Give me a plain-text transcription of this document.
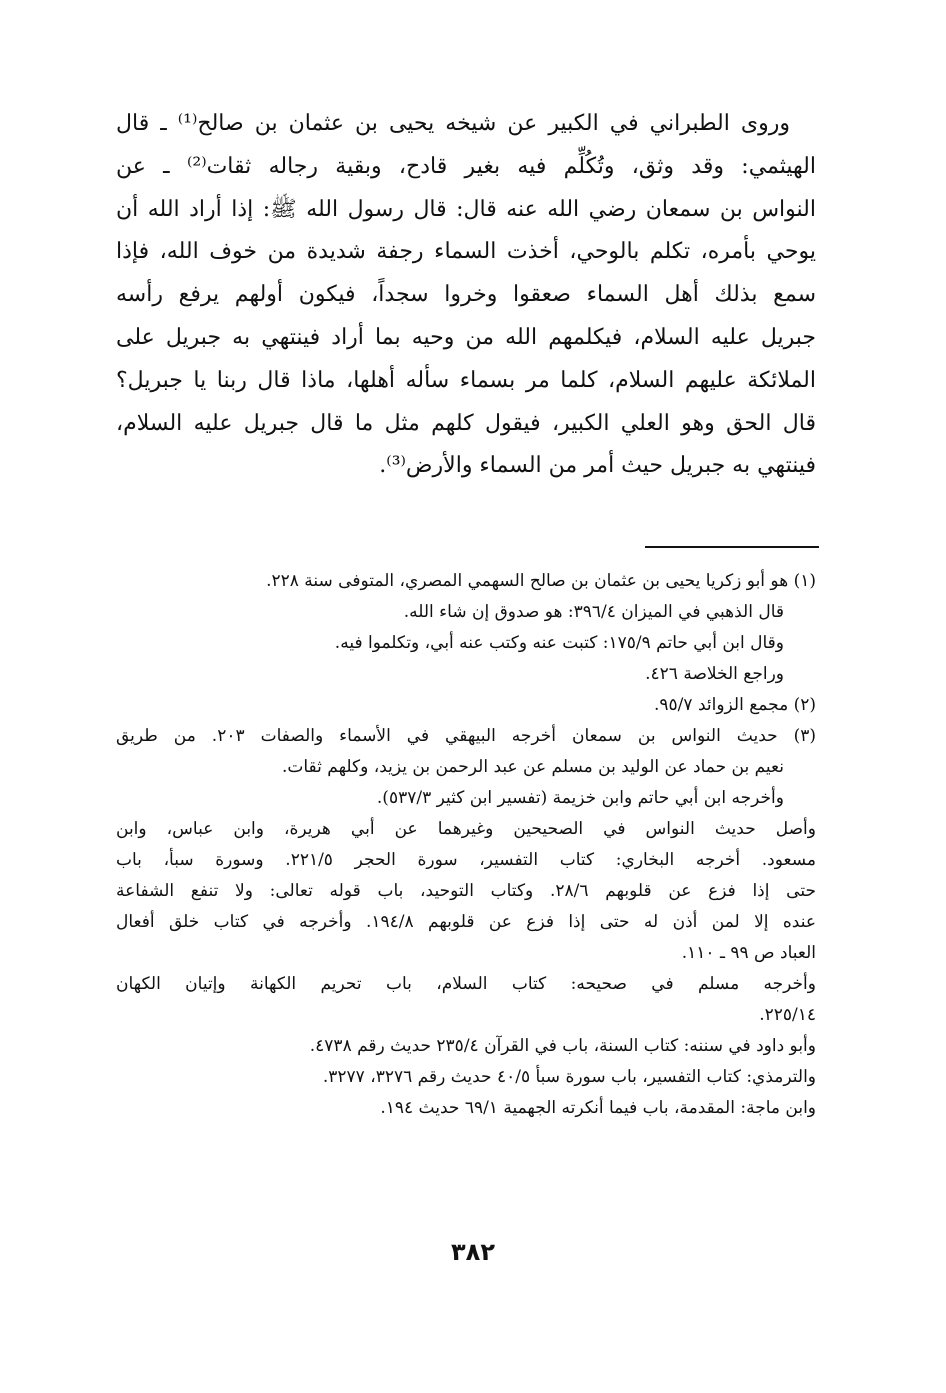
وروى الطبراني في الكبير عن شيخه يحيى بن عثمان بن صالح⁽¹⁾ ـ قال

الهيثمي: وقد وثق، وتُكُلِّم فيه بغير قادح، وبقية رجاله ثقات⁽²⁾ ـ عن

النواس بن سمعان رضي الله عنه قال: قال رسول الله ﷺ: إذا أراد الله أن

يوحي بأمره، تكلم بالوحي، أخذت السماء رجفة شديدة من خوف الله، فإذا

سمع بذلك أهل السماء صعقوا وخروا سجداً، فيكون أولهم يرفع رأسه

جبريل عليه السلام، فيكلمهم الله من وحيه بما أراد فينتهي به جبريل على

الملائكة عليهم السلام، كلما مر بسماء سأله أهلها، ماذا قال ربنا يا جبريل؟

قال الحق وهو العلي الكبير، فيقول كلهم مثل ما قال جبريل عليه السلام،

فينتهي به جبريل حيث أمر من السماء والأرض⁽³⁾.

(١) هو أبو زكريا يحيى بن عثمان بن صالح السهمي المصري، المتوفى سنة ٢٢٨.

قال الذهبي في الميزان ٣٩٦/٤: هو صدوق إن شاء الله.

وقال ابن أبي حاتم ١٧٥/٩: كتبت عنه وكتب عنه أبي، وتكلموا فيه.

وراجع الخلاصة ٤٢٦.

(٢) مجمع الزوائد ٩٥/٧.

(٣) حديث النواس بن سمعان أخرجه البيهقي في الأسماء والصفات ٢٠٣. من طريق

نعيم بن حماد عن الوليد بن مسلم عن عبد الرحمن بن يزيد، وكلهم ثقات.

وأخرجه ابن أبي حاتم وابن خزيمة (تفسير ابن كثير ٥٣٧/٣).

وأصل حديث النواس في الصحيحين وغيرهما عن أبي هريرة، وابن عباس، وابن

مسعود. أخرجه البخاري: كتاب التفسير، سورة الحجر ٢٢١/٥. وسورة سبأ، باب

حتى إذا فزع عن قلوبهم ٢٨/٦. وكتاب التوحيد، باب قوله تعالى: ولا تنفع الشفاعة

عنده إلا لمن أذن له حتى إذا فزع عن قلوبهم ١٩٤/٨. وأخرجه في كتاب خلق أفعال

العباد ص ٩٩ ـ ١١٠.

وأخرجه مسلم في صحيحه: كتاب السلام، باب تحريم الكهانة وإتيان الكهان

٢٢٥/١٤.

وأبو داود في سننه: كتاب السنة، باب في القرآن ٢٣٥/٤ حديث رقم ٤٧٣٨.

والترمذي: كتاب التفسير، باب سورة سبأ ٤٠/٥ حديث رقم ٣٢٧٦، ٣٢٧٧.

وابن ماجة: المقدمة، باب فيما أنكرته الجهمية ٦٩/١ حديث ١٩٤.

٣٨٢
